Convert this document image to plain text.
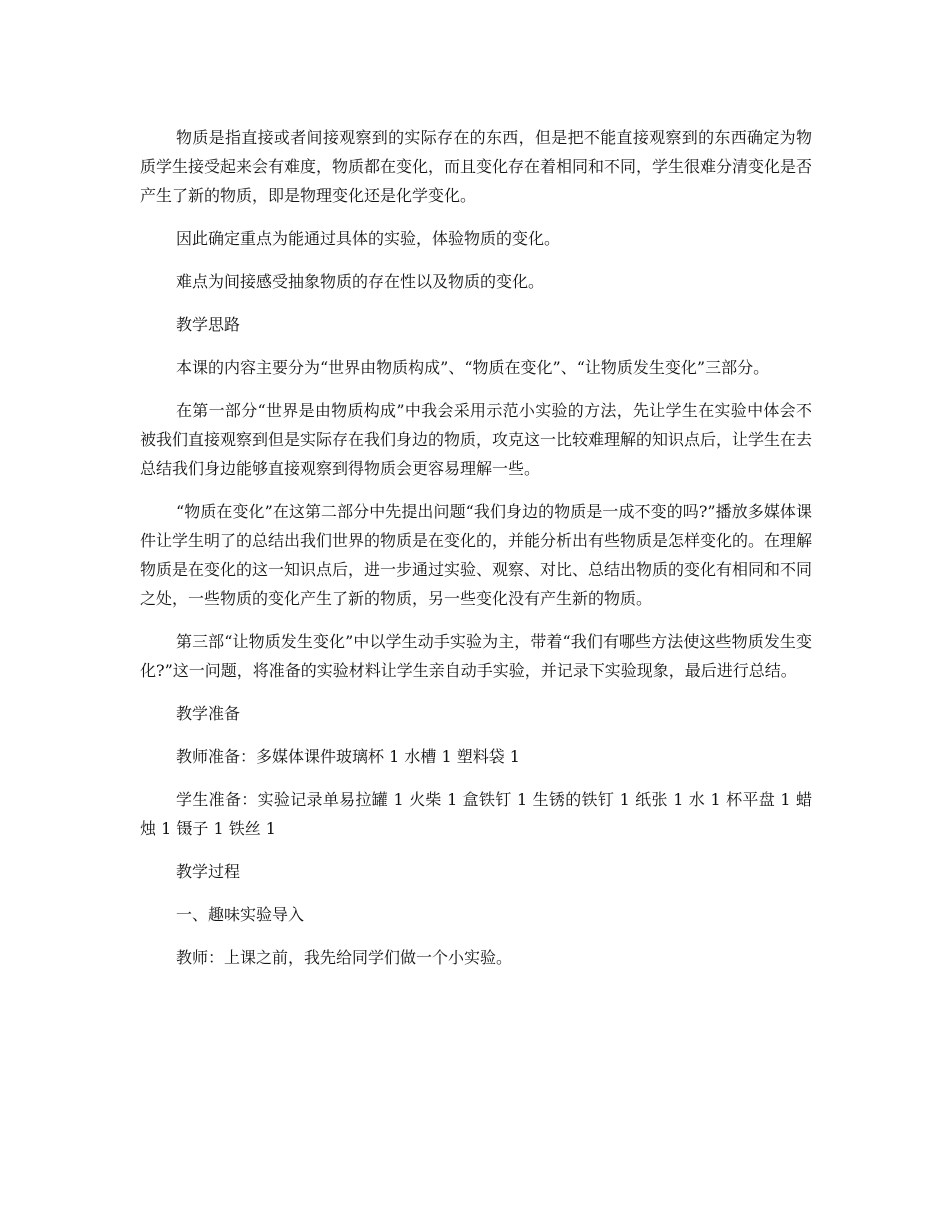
物质是指直接或者间接观察到的实际存在的东西，但是把不能直接观察到的东西确定为物质学生接受起来会有难度，物质都在变化，而且变化存在着相同和不同，学生很难分清变化是否产生了新的物质，即是物理变化还是化学变化。

因此确定重点为能通过具体的实验，体验物质的变化。

难点为间接感受抽象物质的存在性以及物质的变化。

教学思路

本课的内容主要分为“世界由物质构成”、“物质在变化”、“让物质发生变化”三部分。

在第一部分“世界是由物质构成”中我会采用示范小实验的方法，先让学生在实验中体会不被我们直接观察到但是实际存在我们身边的物质，攻克这一比较难理解的知识点后，让学生在去总结我们身边能够直接观察到得物质会更容易理解一些。

“物质在变化”在这第二部分中先提出问题“我们身边的物质是一成不变的吗?”播放多媒体课件让学生明了的总结出我们世界的物质是在变化的，并能分析出有些物质是怎样变化的。在理解物质是在变化的这一知识点后，进一步通过实验、观察、对比、总结出物质的变化有相同和不同之处，一些物质的变化产生了新的物质，另一些变化没有产生新的物质。

第三部“让物质发生变化”中以学生动手实验为主，带着“我们有哪些方法使这些物质发生变化?”这一问题，将准备的实验材料让学生亲自动手实验，并记录下实验现象，最后进行总结。

教学准备

教师准备：多媒体课件玻璃杯 1 水槽 1 塑料袋 1

学生准备：实验记录单易拉罐 1 火柴 1 盒铁钉 1 生锈的铁钉 1 纸张 1 水 1 杯平盘 1 蜡烛 1 镊子 1 铁丝 1

教学过程

一、趣味实验导入

教师：上课之前，我先给同学们做一个小实验。
